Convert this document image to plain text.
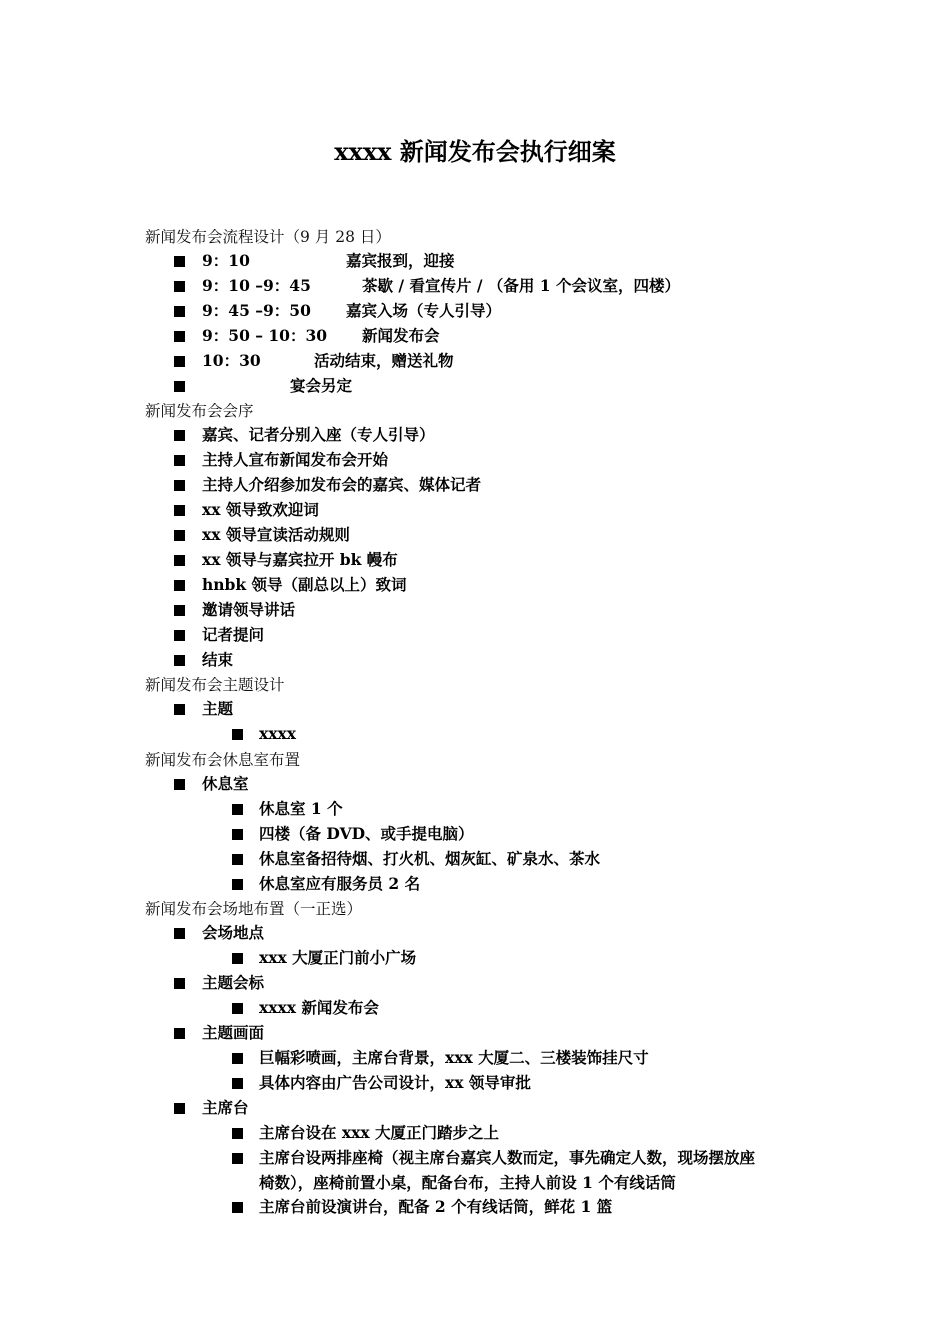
xxxx 新闻发布会执行细案
新闻发布会流程设计（9 月 28 日）
9：10	嘉宾报到，迎接
9：10 –9：45	茶歇 / 看宣传片 / （备用 1 个会议室，四楼）
9：45 –9：50 嘉宾入场（专人引导）
9：50 – 10：30 新闻发布会
10：30	活动结束，赠送礼物
宴会另定
新闻发布会会序
嘉宾、记者分别入座（专人引导）
主持人宣布新闻发布会开始
主持人介绍参加发布会的嘉宾、媒体记者
xx 领导致欢迎词
xx 领导宣读活动规则
xx 领导与嘉宾拉开 bk 幔布
hnbk 领导（副总以上）致词
邀请领导讲话
记者提问
结束
新闻发布会主题设计
主题
xxxx
新闻发布会休息室布置
休息室
休息室 1 个
四楼（备 DVD、或手提电脑）
休息室备招待烟、打火机、烟灰缸、矿泉水、茶水
休息室应有服务员 2 名
新闻发布会场地布置（一正选）
会场地点
xxx 大厦正门前小广场
主题会标
xxxx 新闻发布会
主题画面
巨幅彩喷画，主席台背景，xxx 大厦二、三楼装饰挂尺寸
具体内容由广告公司设计，xx 领导审批
主席台
主席台设在 xxx 大厦正门踏步之上
主席台设两排座椅（视主席台嘉宾人数而定，事先确定人数，现场摆放座
椅数），座椅前置小桌，配备台布，主持人前设 1 个有线话筒
主席台前设演讲台，配备 2 个有线话筒，鲜花 1 篮
